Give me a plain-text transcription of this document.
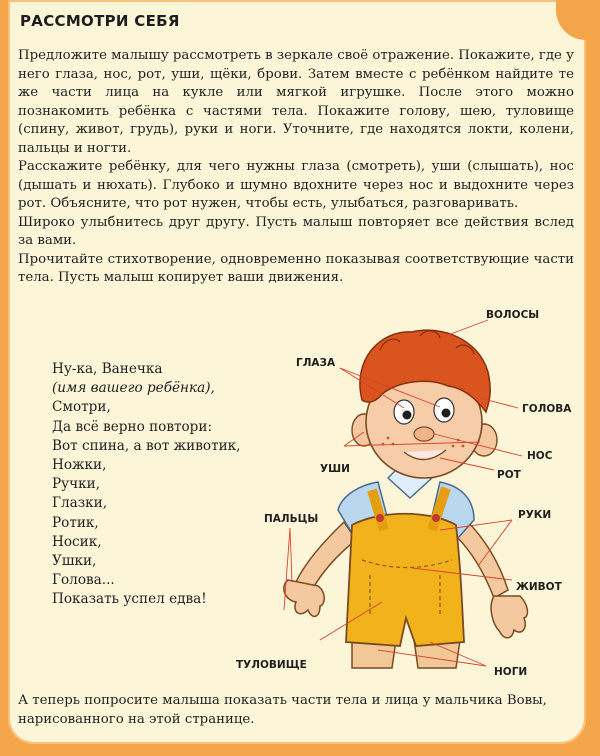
РАССМОТРИ СЕБЯ

Предложите малышу рассмотреть в зеркале своё отражение. Покажите, где у него глаза, нос, рот, уши, щёки, брови. Затем вместе с ребёнком найдите те же части лица на кукле или мягкой игрушке. После этого можно познакомить ребёнка с частями тела. Покажите голову, шею, туловище (спину, живот, грудь), руки и ноги. Уточните, где находятся локти, колени, пальцы и ногти.

Расскажите ребёнку, для чего нужны глаза (смотреть), уши (слышать), нос (дышать и нюхать). Глубоко и шумно вдохните через нос и выдохните через рот. Объясните, что рот нужен, чтобы есть, улыбаться, разговаривать.

Широко улыбнитесь друг другу. Пусть малыш повторяет все действия вслед за вами.

Прочитайте стихотворение, одновременно показывая соответствующие части тела. Пусть малыш копирует ваши движения.

Ну-ка, Ванечка
(имя вашего ребёнка),
Смотри,
Да всё верно повтори:
Вот спина, а вот животик,
Ножки,
Ручки,
Глазки,
Ротик,
Носик,
Ушки,
Голова...
Показать успел едва!
ВОЛОСЫ
ГЛАЗА
ГОЛОВА
НОС
УШИ	РОТ
ПАЛЬЦЫ	РУКИ
ЖИВОТ
ТУЛОВИЩЕ
НОГИ

А теперь попросите малыша показать части тела и лица у мальчика Вовы, нарисованного на этой странице.
